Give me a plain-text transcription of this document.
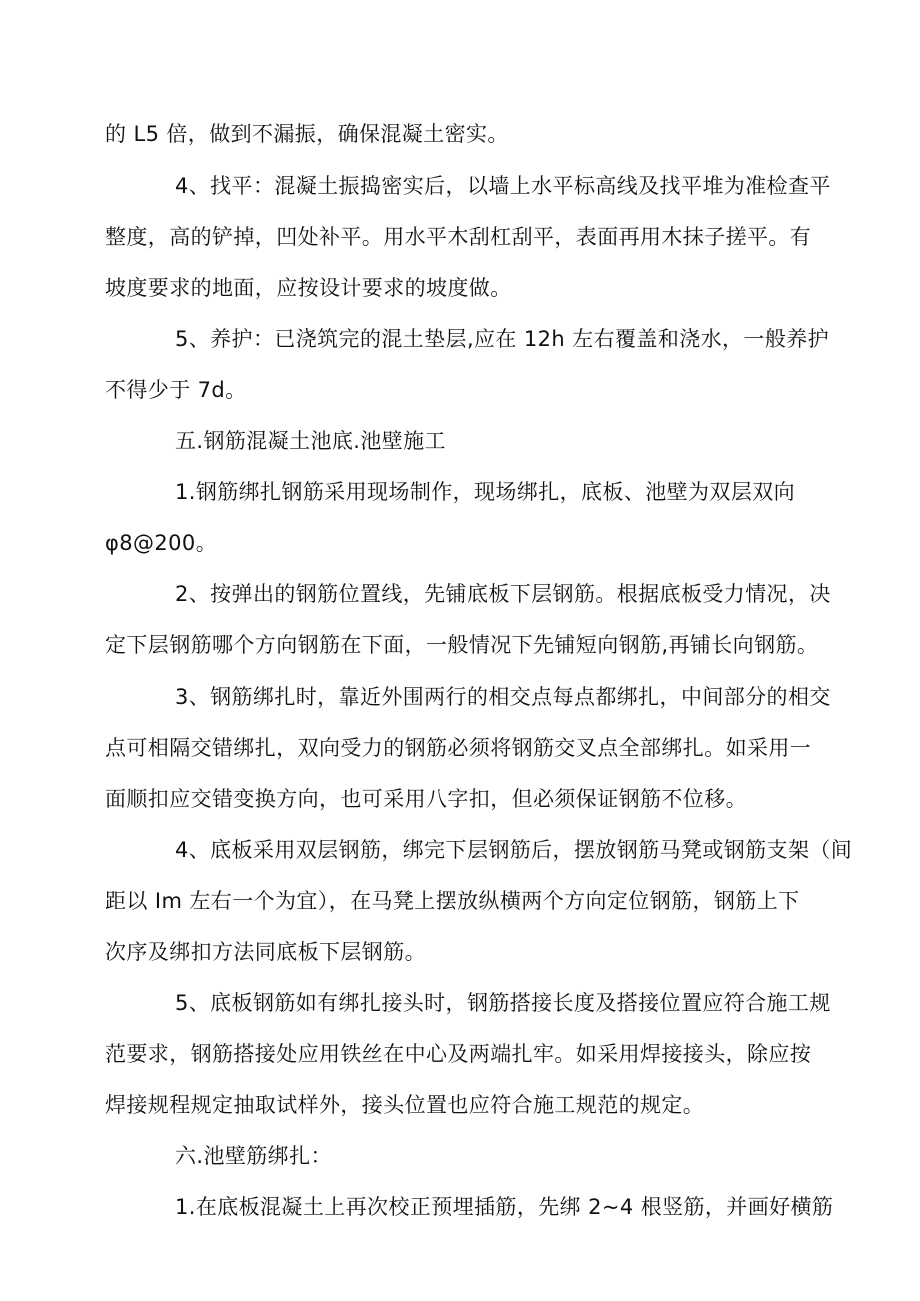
的 L5 倍，做到不漏振，确保混凝土密实。

4、找平：混凝土振捣密实后，以墙上水平标高线及找平堆为准检查平

整度，高的铲掉，凹处补平。用水平木刮杠刮平，表面再用木抹子搓平。有

坡度要求的地面，应按设计要求的坡度做。

5、养护：已浇筑完的混土垫层,应在 12h 左右覆盖和浇水，一般养护

不得少于 7d。

五.钢筋混凝土池底.池壁施工

1.钢筋绑扎钢筋采用现场制作，现场绑扎，底板、池壁为双层双向

φ8@200。

2、按弹出的钢筋位置线，先铺底板下层钢筋。根据底板受力情况，决

定下层钢筋哪个方向钢筋在下面，一般情况下先铺短向钢筋,再铺长向钢筋。

3、钢筋绑扎时，靠近外围两行的相交点每点都绑扎，中间部分的相交

点可相隔交错绑扎，双向受力的钢筋必须将钢筋交叉点全部绑扎。如采用一

面顺扣应交错变换方向，也可采用八字扣，但必须保证钢筋不位移。

4、底板采用双层钢筋，绑完下层钢筋后，摆放钢筋马凳或钢筋支架（间

距以 Im 左右一个为宜），在马凳上摆放纵横两个方向定位钢筋，钢筋上下

次序及绑扣方法同底板下层钢筋。

5、底板钢筋如有绑扎接头时，钢筋搭接长度及搭接位置应符合施工规

范要求，钢筋搭接处应用铁丝在中心及两端扎牢。如采用焊接接头，除应按

焊接规程规定抽取试样外，接头位置也应符合施工规范的规定。

六.池壁筋绑扎：

1.在底板混凝土上再次校正预埋插筋，先绑 2~4 根竖筋，并画好横筋
